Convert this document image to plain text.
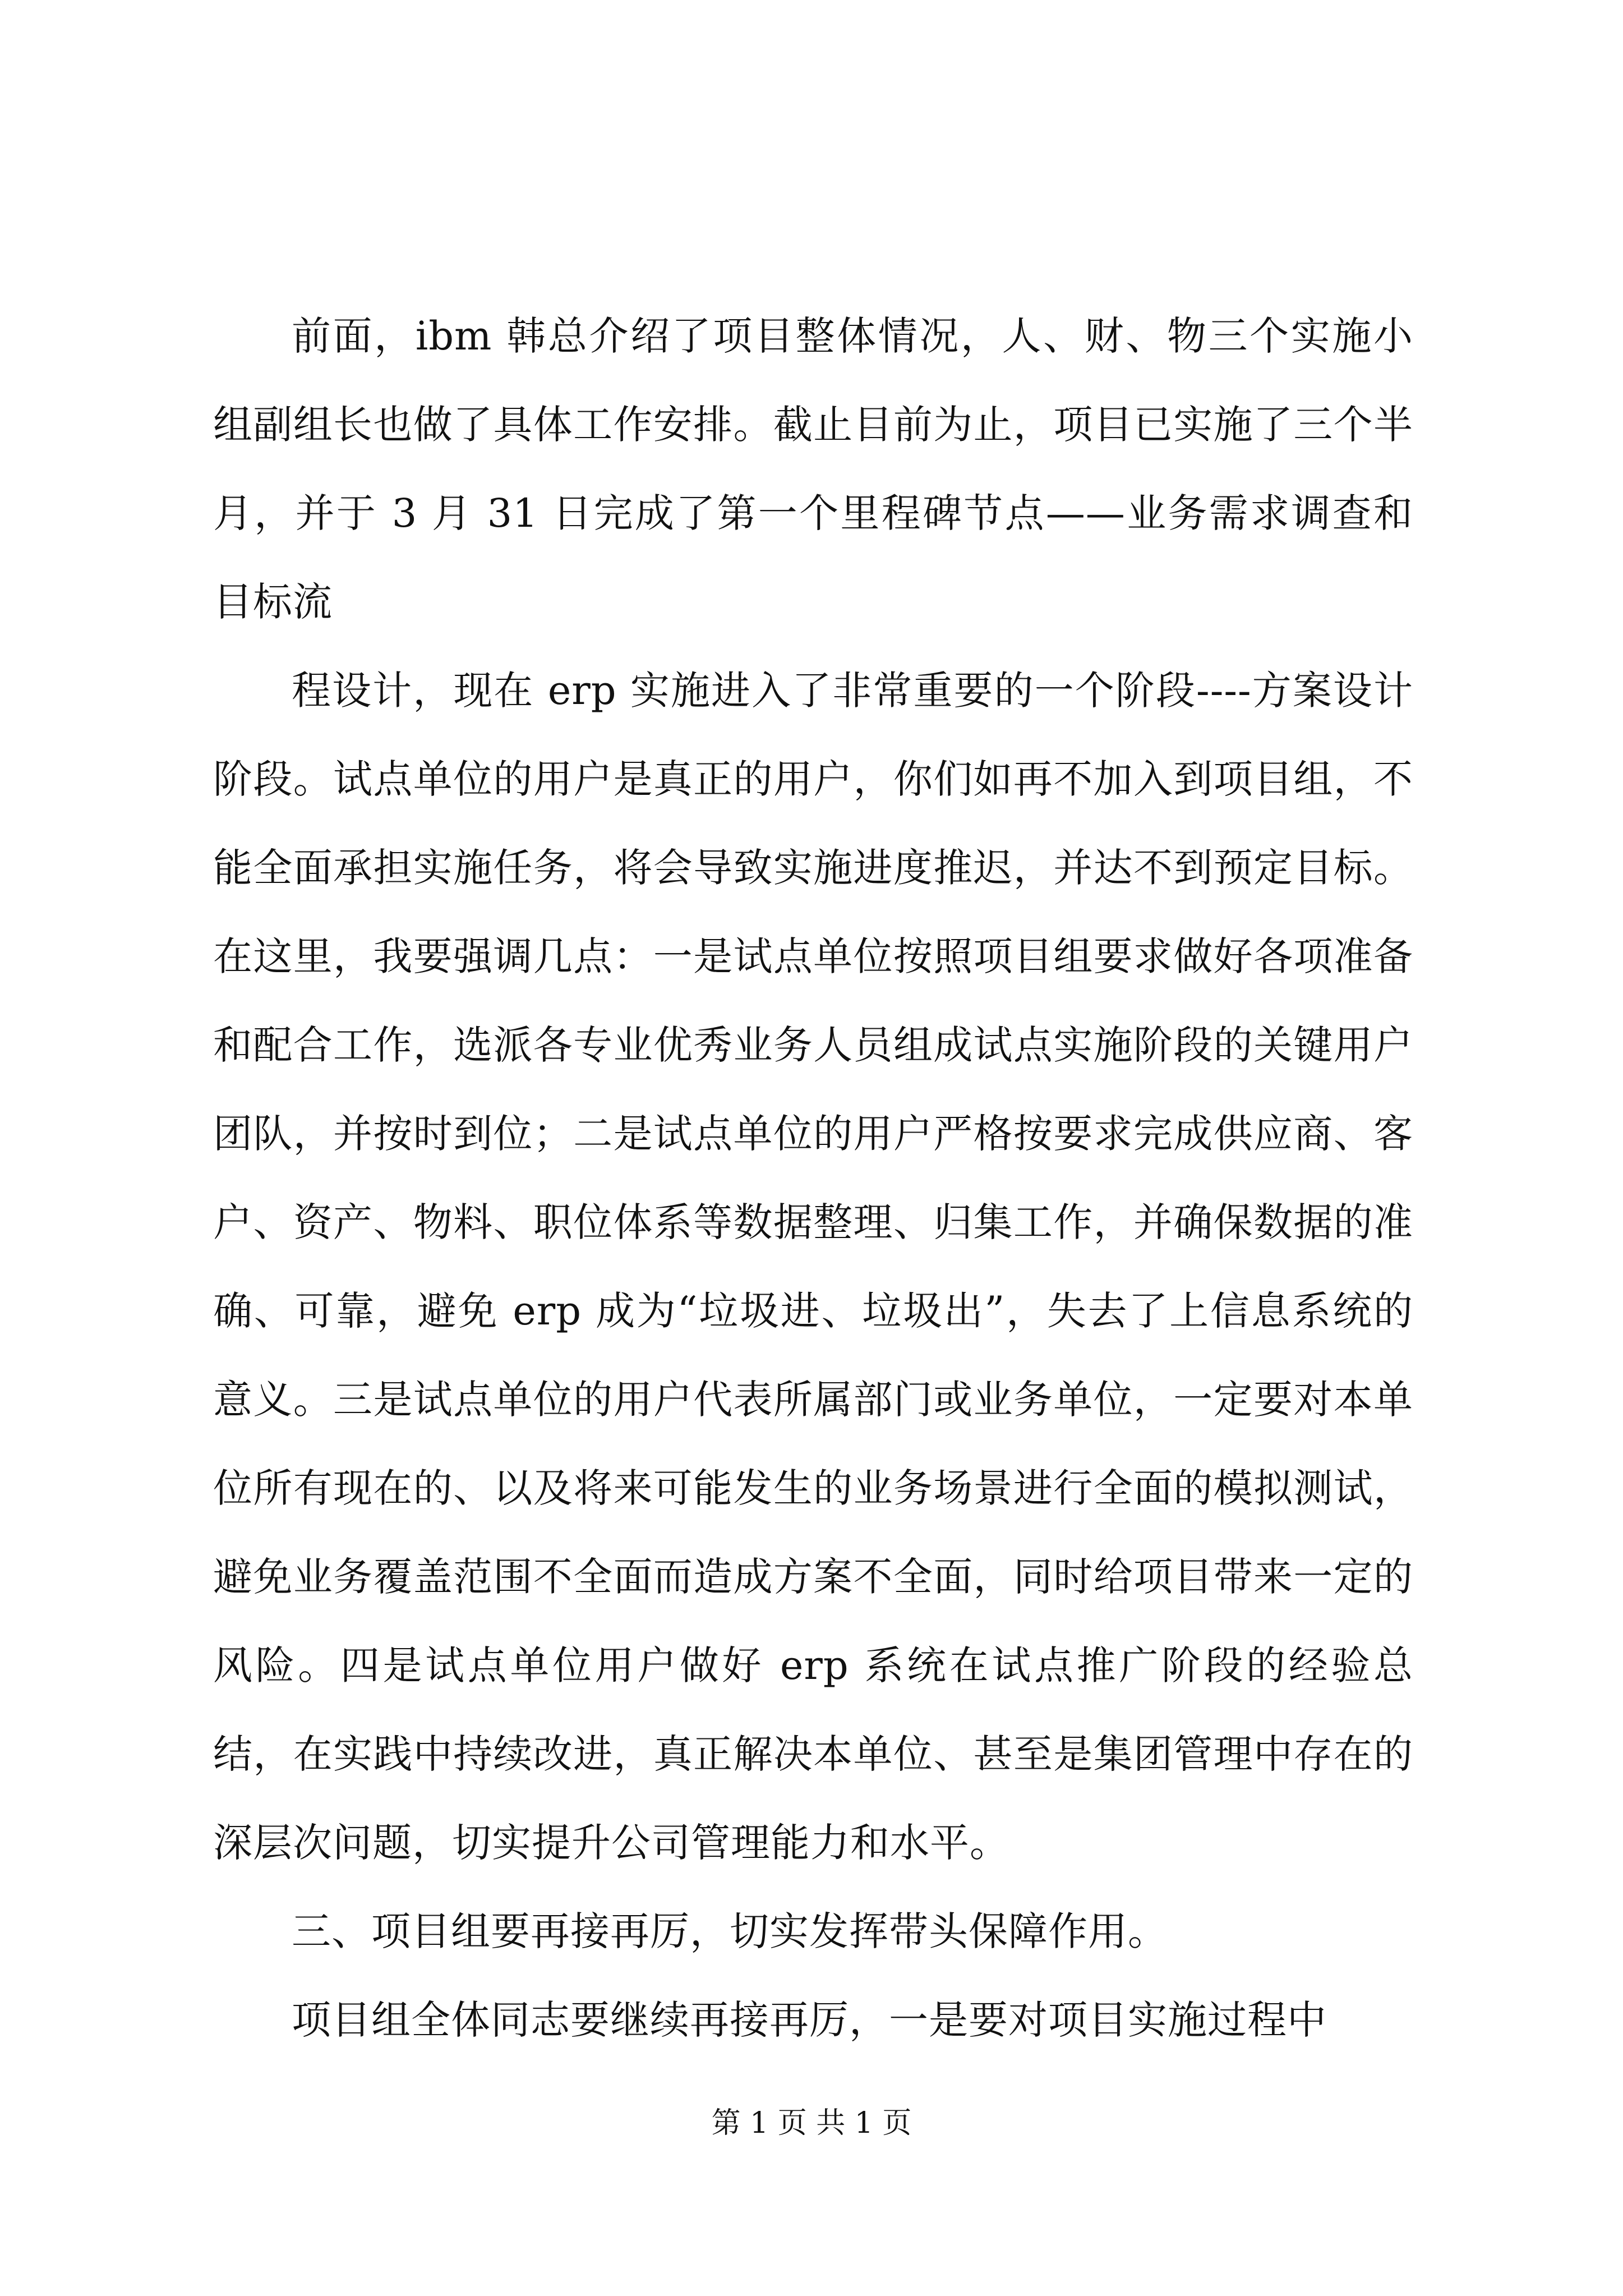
前面，ibm 韩总介绍了项目整体情况，人、财、物三个实施小组副组长也做了具体工作安排。截止目前为止，项目已实施了三个半月，并于 3 月 31 日完成了第一个里程碑节点——业务需求调查和目标流

程设计，现在 erp 实施进入了非常重要的一个阶段----方案设计阶段。试点单位的用户是真正的用户，你们如再不加入到项目组，不能全面承担实施任务，将会导致实施进度推迟，并达不到预定目标。在这里，我要强调几点：一是试点单位按照项目组要求做好各项准备和配合工作，选派各专业优秀业务人员组成试点实施阶段的关键用户团队，并按时到位；二是试点单位的用户严格按要求完成供应商、客户、资产、物料、职位体系等数据整理、归集工作，并确保数据的准确、可靠，避免 erp 成为“垃圾进、垃圾出”，失去了上信息系统的意义。三是试点单位的用户代表所属部门或业务单位，一定要对本单位所有现在的、以及将来可能发生的业务场景进行全面的模拟测试，避免业务覆盖范围不全面而造成方案不全面，同时给项目带来一定的风险。四是试点单位用户做好 erp 系统在试点推广阶段的经验总结，在实践中持续改进，真正解决本单位、甚至是集团管理中存在的深层次问题，切实提升公司管理能力和水平。

三、项目组要再接再厉，切实发挥带头保障作用。

项目组全体同志要继续再接再厉，一是要对项目实施过程中

第 1 页 共 1 页
